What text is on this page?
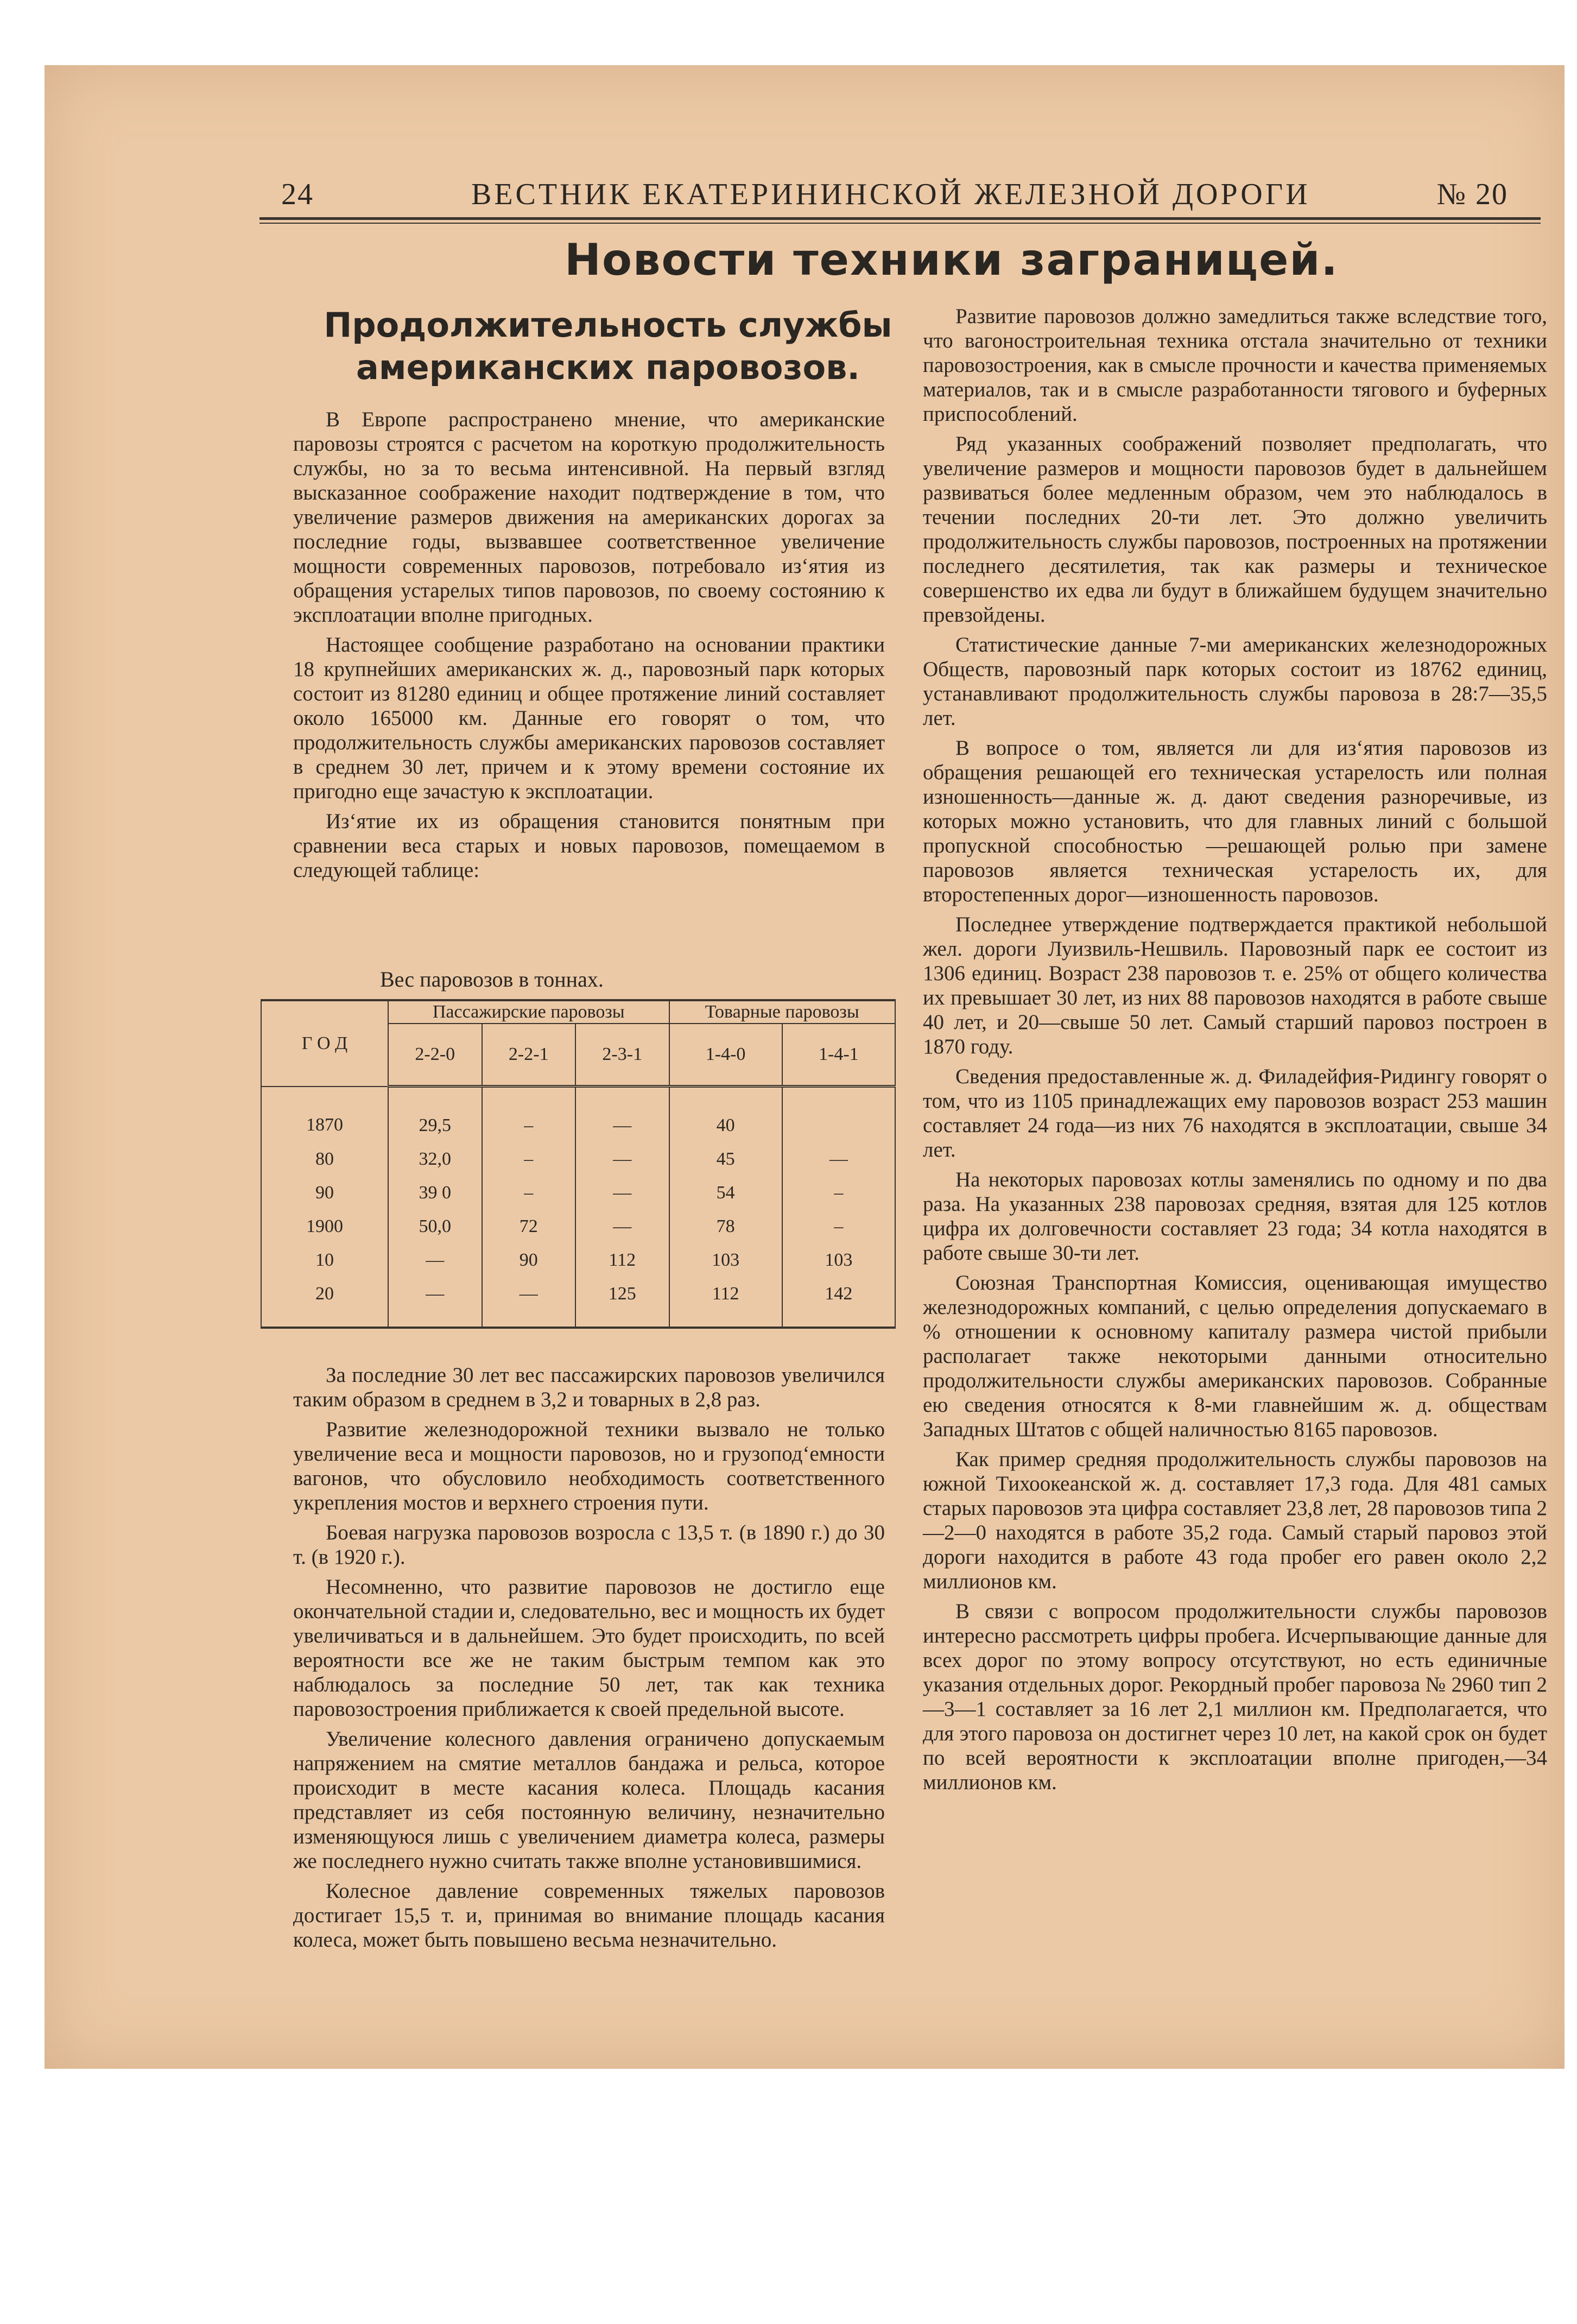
24	ВЕСТНИК ЕКАТЕРИНИНСКОЙ ЖЕЛЕЗНОЙ ДОРОГИ	№ 20
Новости техники заграницей.
Продолжительность службы американских паровозов.

В Европе распространено мнение, что американские паровозы строятся с расчетом на короткую продолжительность службы, но за то весьма интенсивной. На первый взгляд высказанное соображение находит подтверждение в том, что увеличение размеров движения на американских дорогах за последние годы, вызвавшее соответственное увеличение мощности современных паровозов, потребовало из‘ятия из обращения устарелых типов паровозов, по своему состоянию к эксплоатации вполне пригодных.

Настоящее сообщение разработано на основании практики 18 крупнейших американских ж. д., паровозный парк которых состоит из 81280 единиц и общее протяжение линий составляет около 165000 км. Данные его говорят о том, что продолжительность службы американских паровозов составляет в среднем 30 лет, причем и к этому времени состояние их пригодно еще зачастую к эксплоатации.

Из‘ятие их из обращения становится понятным при сравнении веса старых и новых паровозов, помещаемом в следующей таблице:

Вес паровозов в тоннах.
Г О Д	Пассажирские паровозы			Товарные паровозы	
	2-2-0	2-2-1	2-3-1	1-4-0	1-4-1
1870	29,5	–	—	40	
80	32,0	–	—	45	—
90	39 0	–	—	54	–
1900	50,0	72	—	78	–
10	—	90	112	103	103
20	—	—	125	112	142

За последние 30 лет вес пассажирских паровозов увеличился таким образом в среднем в 3,2 и товарных в 2,8 раз.

Развитие железнодорожной техники вызвало не только увеличение веса и мощности паровозов, но и грузопод‘емности вагонов, что обусловило необходимость соответственного укрепления мостов и верхнего строения пути.

Боевая нагрузка паровозов возросла с 13,5 т. (в 1890 г.) до 30 т. (в 1920 г.).

Несомненно, что развитие паровозов не достигло еще окончательной стадии и, следовательно, вес и мощность их будет увеличиваться и в дальнейшем. Это будет происходить, по всей вероятности все же не таким быстрым темпом как это наблюдалось за последние 50 лет, так как техника паровозостроения приближается к своей предельной высоте.

Увеличение колесного давления ограничено допускаемым напряжением на смятие металлов бандажа и рельса, которое происходит в месте касания колеса. Площадь касания представляет из себя постоянную величину, незначительно изменяющуюся лишь с увеличением диаметра колеса, размеры же последнего нужно считать также вполне установившимися.

Колесное давление современных тяжелых паровозов достигает 15,5 т. и, принимая во внимание площадь касания колеса, может быть повышено весьма незначительно.

Развитие паровозов должно замедлиться также вследствие того, что вагоностроительная техника отстала значительно от техники паровозостроения, как в смысле прочности и качества применяемых материалов, так и в смысле разработанности тягового и буферных приспособлений.

Ряд указанных соображений позволяет предполагать, что увеличение размеров и мощности паровозов будет в дальнейшем развиваться более медленным образом, чем это наблюдалось в течении последних 20-ти лет. Это должно увеличить продолжительность службы паровозов, построенных на протяжении последнего десятилетия, так как размеры и техническое совершенство их едва ли будут в ближайшем будущем значительно превзойдены.

Статистические данные 7-ми американских железнодорожных Обществ, паровозный парк которых состоит из 18762 единиц, устанавливают продолжительность службы паровоза в 28:7—35,5 лет.

В вопросе о том, является ли для из‘ятия паровозов из обращения решающей его техническая устарелость или полная изношенность—данные ж. д. дают сведения разноречивые, из которых можно установить, что для главных линий с большой пропускной способностью —решающей ролью при замене паровозов является техническая устарелость их, для второстепенных дорог—изношенность паровозов.

Последнее утверждение подтверждается практикой небольшой жел. дороги Луизвиль-Нешвиль. Паровозный парк ее состоит из 1306 единиц. Возраст 238 паровозов т. е. 25% от общего количества их превышает 30 лет, из них 88 паровозов находятся в работе свыше 40 лет, и 20—свыше 50 лет. Самый старший паровоз построен в 1870 году.

Сведения предоставленные ж. д. Филадейфия-Ридингу говорят о том, что из 1105 принадлежащих ему паровозов возраст 253 машин составляет 24 года—из них 76 находятся в эксплоатации, свыше 34 лет.

На некоторых паровозах котлы заменялись по одному и по два раза. На указанных 238 паровозах средняя, взятая для 125 котлов цифра их долговечности составляет 23 года; 34 котла находятся в работе свыше 30-ти лет.

Союзная Транспортная Комиссия, оценивающая имущество железнодорожных компаний, с целью определения допускаемаго в % отношении к основному капиталу размера чистой прибыли располагает также некоторыми данными относительно продолжительности службы американских паровозов. Собранные ею сведения относятся к 8-ми главнейшим ж. д. обществам Западных Штатов с общей наличностью 8165 паровозов.

Как пример средняя продолжительность службы паровозов на южной Тихоокеанской ж. д. составляет 17,3 года. Для 481 самых старых паровозов эта цифра составляет 23,8 лет, 28 паровозов типа 2—2—0 находятся в работе 35,2 года. Самый старый паровоз этой дороги находится в работе 43 года пробег его равен около 2,2 миллионов км.

В связи с вопросом продолжительности службы паровозов интересно рассмотреть цифры пробега. Исчерпывающие данные для всех дорог по этому вопросу отсутствуют, но есть единичные указания отдельных дорог. Рекордный пробег паровоза № 2960 тип 2—3—1 составляет за 16 лет 2,1 миллион км. Предполагается, что для этого паровоза он достигнет через 10 лет, на какой срок он будет по всей вероятности к эксплоатации вполне пригоден,—34 миллионов км.
